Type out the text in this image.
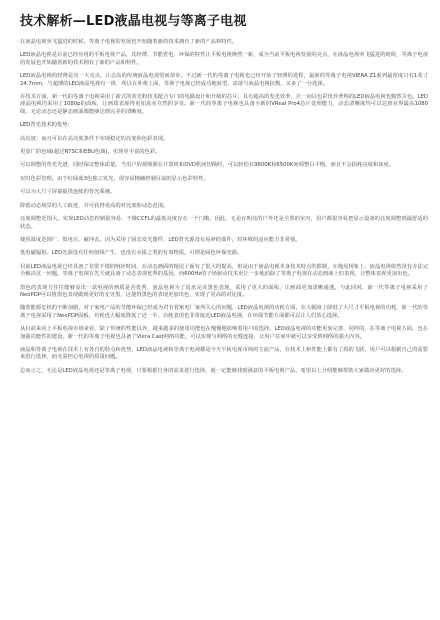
技术解析—LED液晶电视与等离子电视

在液晶电视突飞猛进的时候，等离子电视的发展也开始随着新的技术拥有了新的产品和特性。

LED液晶电视是目前已经应用的平板电视产品，其轻薄、节能省电、环保的特性让平板电视焕然一新，成为当前平板电视发展的亮点，在液晶电视突飞猛进的时候，等离子电视的发展也开始随着新的技术拥有了新的产品和特性。

LED液晶电视的轻薄是其一大亮点，让志高的传统液晶电视望而却步。不过新一代的等离子电视也已经开始了轻薄的进程，最新的等离子电视VIERA Z1系列最厚度只有1英寸24.7mm，与超薄的LED液晶电视有一拼，所以在外观上面，等离子电视已经成功地转型，意欲与液晶电视抗衡，又多了一分选择。

在技术方面，新一代的等离子电视采用了新式的荧光粉技术配合专门的电路设计和升级的芯片，具有超高的发光效率，让一向以色彩优异著称的LED液晶电视也黯然失色。LED液晶电视均采用了1080p的面板，让画质表现得更加真实自然的享受。新一代的等离子电视也具备全新的VReal Pro4芯片处理能力，动态清晰度均可以达到业界最高1080线，无论动态还是静态画面都能够达到完美的清晰度。

LED背光技术的优势：

高亮度：而且可以在高亮度条件下实现稳定的亮度和色彩表现。

更宽广的色域(超过NTSC和EBU色域)，实现更丰富的色彩。

可以调整的背光光谱，同时保证整体质量。当用户的视频源在计算机和DVD机间切换时，可以轻松在9600K和6500K间调整白平衡，而且不会损耗亮度和灰度。

实时色彩管理。由于红绿蓝3色独立发光，很容易精确控制目前的显示色彩特性。

可以为大尺寸屏幕提供连续的背光系统。

降低动态场景的人工痕迹，并可获得更高的对比度和动态范围。

亮度调整范围大。实现LED动态控制很容易，不像CCFL的最低亮度存在一个门槛。因此，无论在明亮的户外还是全黑的室内，用户都很容易把显示设备的亮度调整到最舒适的状态。

使用温度范围广、低电压、耐冲击。因为采用了固态发光器件，LED背光源没有易碎的部件，对环境的适应能力非常强。

低电磁辐射。LED光源没有任何射线产生，也没有水银之类的有毒物质，可谓是绿色环保光源。

目前LED液晶电视已经具备了非常不错的响应时间，在动态画面的拖尾上面有了很大的提高，但是由于液晶电视本身技术特点的限制，在拖尾现象上，液晶电视依然没有办法完全解决这一问题。等离子电视在先天就具备了动态表现优秀的基因，而600Hz的子场驱动技术更让一步地消除了等离子电视在动态画面上的表现，让整体表现更加出色。

黑色的表现力往往能够显出一款电视的画质是否优秀，液晶电视为了追求完美黑色表现，采用了更大的面板，让画面更加清晰通透。与此同时，新一代等离子电视采用了NeoPDP可以将黑色表现做到更好的无穷黑，这使得黑色的表现更加出色，实现了更高的对比度。

随着能源危机的不断加剧，对于家电产品的节能环保已经成为对有着家电厂家所关心的问题，LED液晶电视的功耗方面，在大幅度上降低了大尺寸平板电视的功耗，新一代的等离子电视采用了NeoPDP面板，功耗也大幅度降低了近一半，功耗表现也非常接近LED液晶电视，在环保节能方面都可以让人们放心选择。

从目前来看上平板电视市场来看，除了传统的性能以外，越来越多的使用功能也在慢慢地影响着用户的选择，LED液晶电视的功能更加完善，同样的，在等离子电视方面，也在加强功能性的建设，新一代的等离子电视也具备了Viera Cast网络功能，可以实现与网络的无缝连接，让用户在家中就可以享受到网络的强大内容。

液晶和等离子电视在技术上有各自的特点和优势，LED液晶电视和等离子电视都是今天平板电视市场的主流产品，在技术上和性能上都有了质的飞跃，用户可以根据自己的需要来进行选择，而无需担心电视的质量问题。

总而言之，无论是LED液晶电视还是等离子电视，只要根据自身的需求进行选择，就一定能够找到满意的平板电视产品，希望以上介绍能够帮助大家做出更好的选择。
